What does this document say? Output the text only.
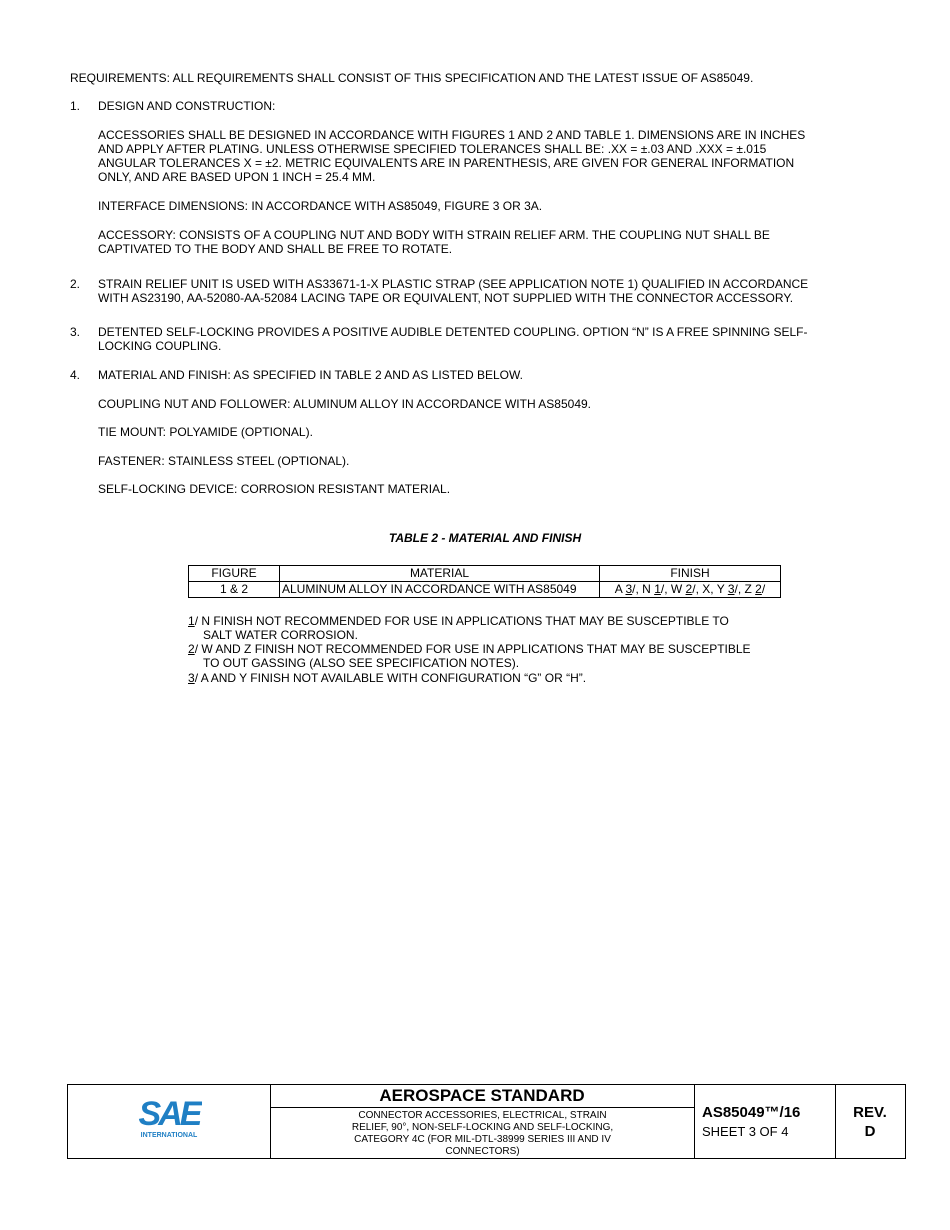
REQUIREMENTS: ALL REQUIREMENTS SHALL CONSIST OF THIS SPECIFICATION AND THE LATEST ISSUE OF AS85049.
1. DESIGN AND CONSTRUCTION:
ACCESSORIES SHALL BE DESIGNED IN ACCORDANCE WITH FIGURES 1 AND 2 AND TABLE 1. DIMENSIONS ARE IN INCHES
AND APPLY AFTER PLATING. UNLESS OTHERWISE SPECIFIED TOLERANCES SHALL BE: .XX = ±.03 AND .XXX = ±.015
ANGULAR TOLERANCES X = ±2. METRIC EQUIVALENTS ARE IN PARENTHESIS, ARE GIVEN FOR GENERAL INFORMATION
ONLY, AND ARE BASED UPON 1 INCH = 25.4 MM.
INTERFACE DIMENSIONS: IN ACCORDANCE WITH AS85049, FIGURE 3 OR 3A.
ACCESSORY: CONSISTS OF A COUPLING NUT AND BODY WITH STRAIN RELIEF ARM. THE COUPLING NUT SHALL BE
CAPTIVATED TO THE BODY AND SHALL BE FREE TO ROTATE.
2. STRAIN RELIEF UNIT IS USED WITH AS33671-1-X PLASTIC STRAP (SEE APPLICATION NOTE 1) QUALIFIED IN ACCORDANCE
WITH AS23190, AA-52080-AA-52084 LACING TAPE OR EQUIVALENT, NOT SUPPLIED WITH THE CONNECTOR ACCESSORY.
3. DETENTED SELF-LOCKING PROVIDES A POSITIVE AUDIBLE DETENTED COUPLING. OPTION “N” IS A FREE SPINNING SELF-
LOCKING COUPLING.
4. MATERIAL AND FINISH: AS SPECIFIED IN TABLE 2 AND AS LISTED BELOW.
COUPLING NUT AND FOLLOWER: ALUMINUM ALLOY IN ACCORDANCE WITH AS85049.
TIE MOUNT: POLYAMIDE (OPTIONAL).
FASTENER: STAINLESS STEEL (OPTIONAL).
SELF-LOCKING DEVICE: CORROSION RESISTANT MATERIAL.
TABLE 2 - MATERIAL AND FINISH
FIGURE	MATERIAL	FINISH
1 & 2	ALUMINUM ALLOY IN ACCORDANCE WITH AS85049	A 3/, N 1/, W 2/, X, Y 3/, Z 2/
1/ N FINISH NOT RECOMMENDED FOR USE IN APPLICATIONS THAT MAY BE SUSCEPTIBLE TO
SALT WATER CORROSION.
2/ W AND Z FINISH NOT RECOMMENDED FOR USE IN APPLICATIONS THAT MAY BE SUSCEPTIBLE
TO OUT GASSING (ALSO SEE SPECIFICATION NOTES).
3/ A AND Y FINISH NOT AVAILABLE WITH CONFIGURATION “G” OR “H”.
SAE
INTERNATIONAL
AEROSPACE STANDARD
CONNECTOR ACCESSORIES, ELECTRICAL, STRAIN
RELIEF, 90°, NON-SELF-LOCKING AND SELF-LOCKING,
CATEGORY 4C (FOR MIL-DTL-38999 SERIES III AND IV
CONNECTORS)
AS85049™/16
SHEET 3 OF 4
REV.
D
